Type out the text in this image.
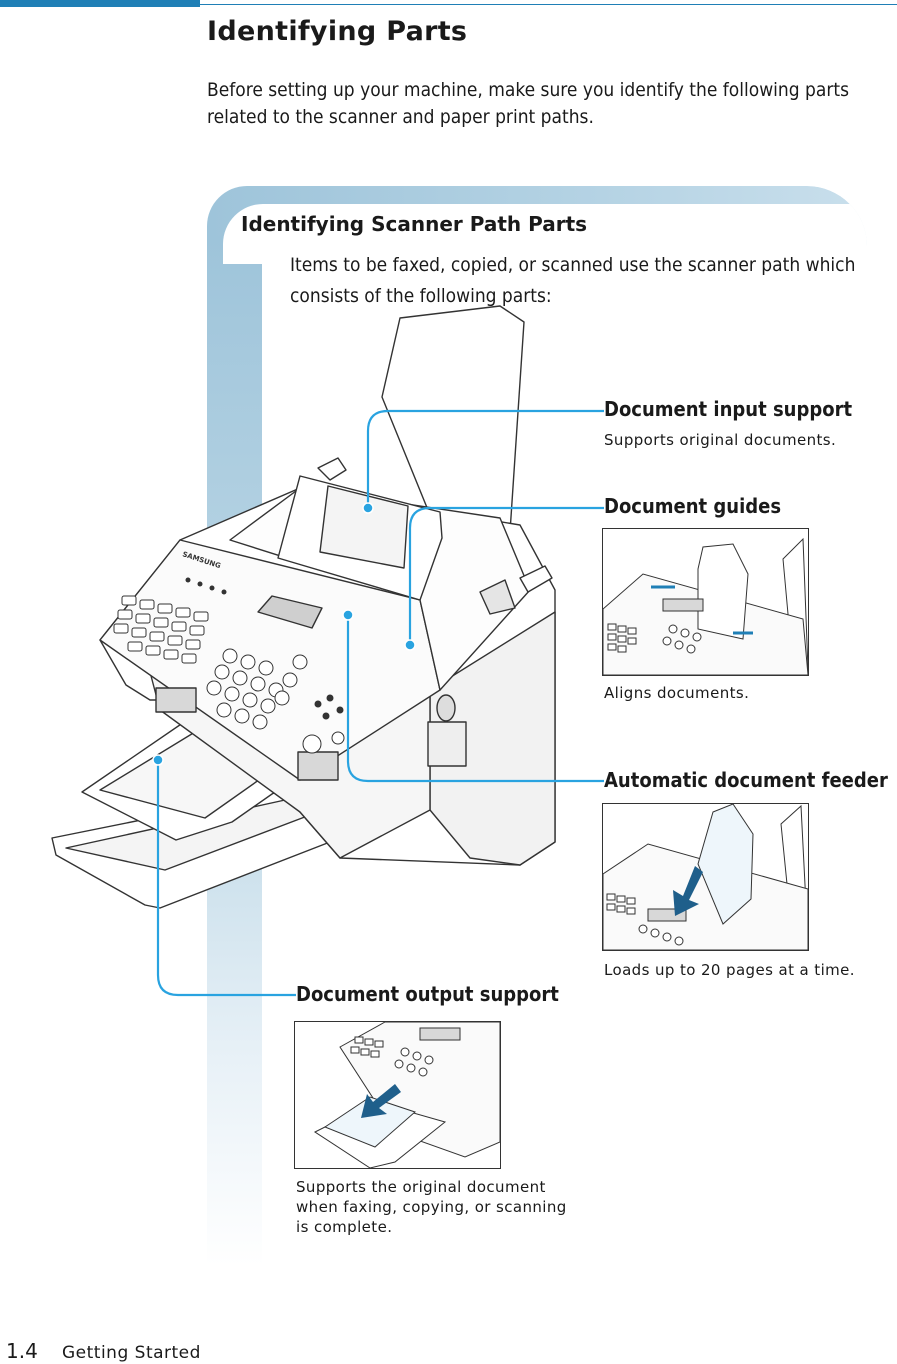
Identifying Parts

Before setting up your machine, make sure you identify the following parts related to the scanner and paper print paths.

Identifying Scanner Path Parts

Items to be faxed, copied, or scanned use the scanner path which consists of the following parts:

SAMSUNG

Document input support

Supports original documents.

Document guides

Aligns documents.

Automatic document feeder

Loads up to 20 pages at a time.

Document output support

Supports the original document when faxing, copying, or scanning is complete.

1.4 Getting Started
